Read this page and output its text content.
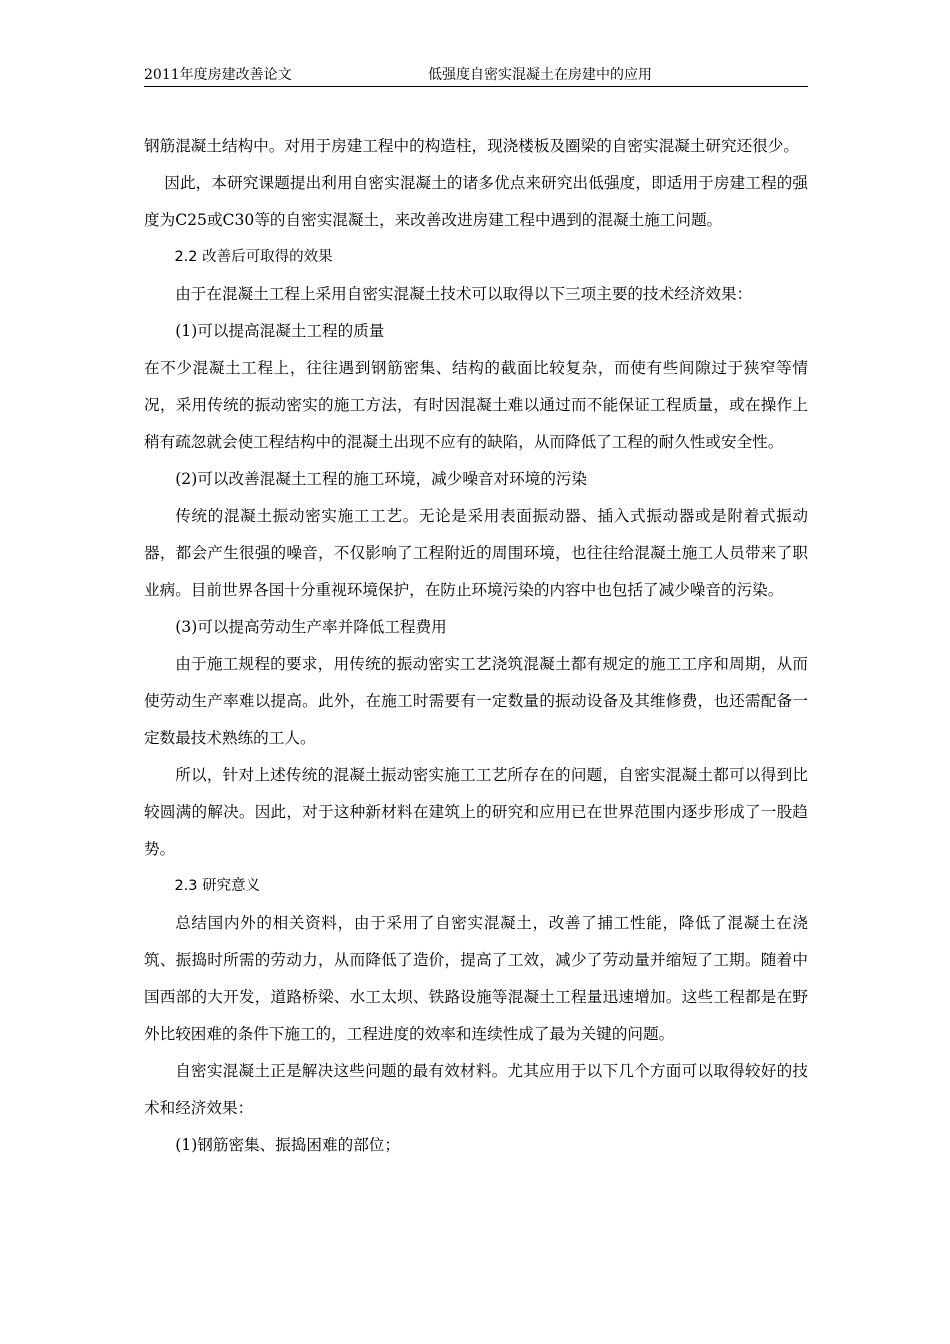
2011年度房建改善论文	低强度自密实混凝土在房建中的应用

钢筋混凝土结构中。对用于房建工程中的构造柱，现浇楼板及圈梁的自密实混凝土研究还很少。

因此，本研究课题提出利用自密实混凝土的诸多优点来研究出低强度，即适用于房建工程的强度为C25或C30等的自密实混凝土，来改善改进房建工程中遇到的混凝土施工问题。

2.2 改善后可取得的效果

由于在混凝土工程上采用自密实混凝土技术可以取得以下三项主要的技术经济效果：

(1)可以提高混凝土工程的质量

在不少混凝土工程上，往往遇到钢筋密集、结构的截面比较复杂，而使有些间隙过于狭窄等情况，采用传统的振动密实的施工方法，有时因混凝土难以通过而不能保证工程质量，或在操作上稍有疏忽就会使工程结构中的混凝土出现不应有的缺陷，从而降低了工程的耐久性或安全性。

(2)可以改善混凝土工程的施工环境，减少噪音对环境的污染

传统的混凝土振动密实施工工艺。无论是采用表面振动器、插入式振动器或是附着式振动器，都会产生很强的噪音，不仅影响了工程附近的周围环境，也往往给混凝土施工人员带来了职业病。目前世界各国十分重视环境保护，在防止环境污染的内容中也包括了减少噪音的污染。

(3)可以提高劳动生产率并降低工程费用

由于施工规程的要求，用传统的振动密实工艺浇筑混凝土都有规定的施工工序和周期，从而使劳动生产率难以提高。此外，在施工时需要有一定数量的振动设备及其维修费，也还需配备一定数最技术熟练的工人。

所以，针对上述传统的混凝土振动密实施工工艺所存在的问题，自密实混凝土都可以得到比较圆满的解决。因此，对于这种新材料在建筑上的研究和应用已在世界范围内逐步形成了一股趋势。

2.3 研究意义

总结国内外的相关资料，由于采用了自密实混凝土，改善了捕工性能，降低了混凝土在浇筑、振捣时所需的劳动力，从而降低了造价，提高了工效，减少了劳动量并缩短了工期。随着中国西部的大开发，道路桥梁、水工太坝、铁路设施等混凝土工程量迅速增加。这些工程都是在野外比较困难的条件下施工的，工程进度的效率和连续性成了最为关键的问题。

自密实混凝土正是解决这些问题的最有效材料。尤其应用于以下几个方面可以取得较好的技术和经济效果：

(1)钢筋密集、振捣困难的部位；
